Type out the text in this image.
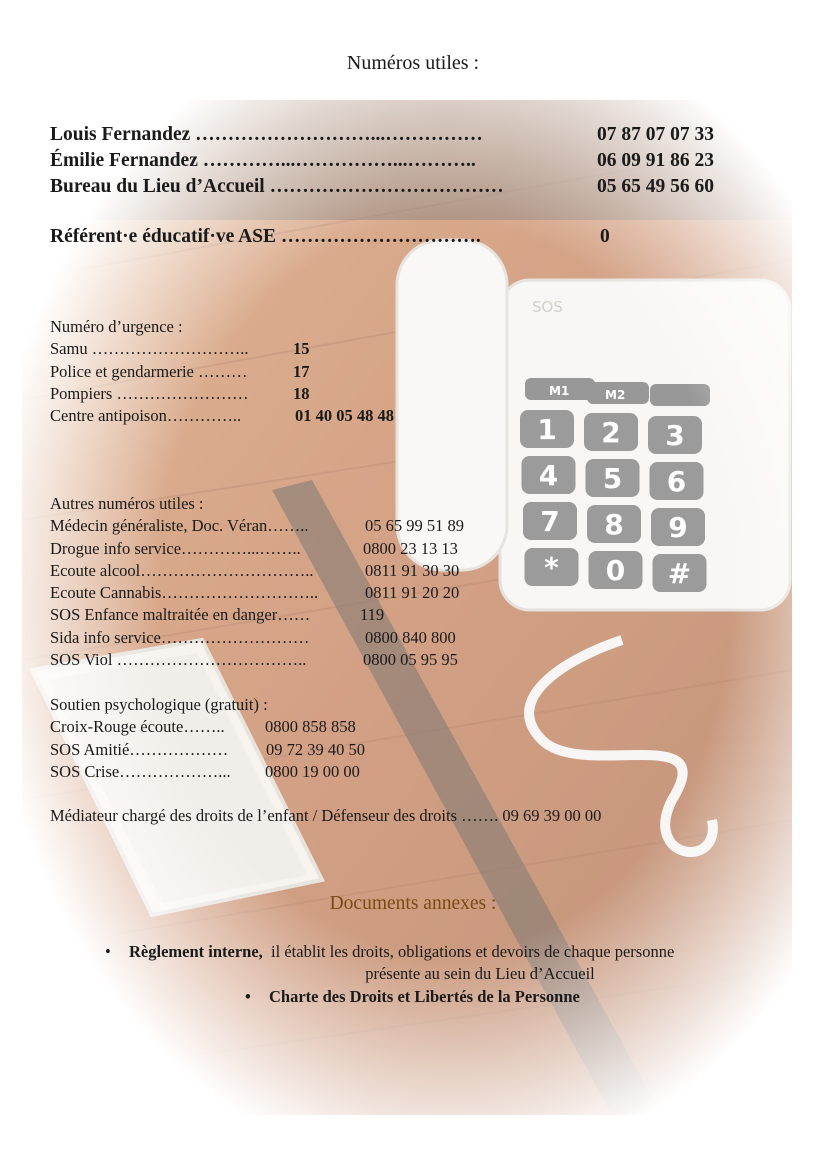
SOS
M1	M2
1 2 3
4 5 6
7 8 9
* 0 #
Numéros utiles :
Louis Fernandez ………………………...……………	07 87 07 07 33
Émilie Fernandez …………...……………...………..	06 09 91 86 23
Bureau du Lieu d’Accueil ………………………………	05 65 49 56 60
Référent·e éducatif·ve ASE ………………………….	0
Numéro d’urgence :
Samu ………………………..	15
Police et gendarmerie ………	17
Pompiers ……………………	18
Centre antipoison…………..	01 40 05 48 48
Autres numéros utiles :
Médecin généraliste, Doc. Véran……..	05 65 99 51 89
Drogue info service…………...……..	0800 23 13 13
Ecoute alcool…………………………..	0811 91 30 30
Ecoute Cannabis………………………..	0811 91 20 20
SOS Enfance maltraitée en danger……	119
Sida info service………………………	0800 840 800
SOS Viol ……………………………..	0800 05 95 95
Soutien psychologique (gratuit) :
Croix-Rouge écoute…….. 0800 858 858
SOS Amitié……………… 09 72 39 40 50
SOS Crise………………... 0800 19 00 00
Médiateur chargé des droits de l’enfant / Défenseur des droits ……. 09 69 39 00 00
Documents annexes :
• Règlement interne, il établit les droits, obligations et devoirs de chaque personne
présente au sein du Lieu d’Accueil
• Charte des Droits et Libertés de la Personne
